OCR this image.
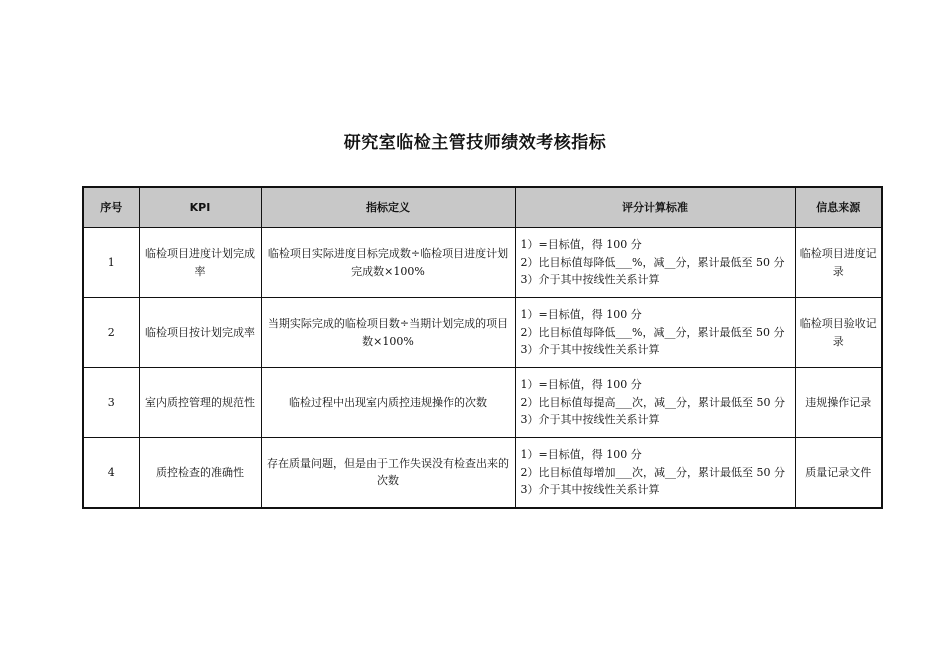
研究室临检主管技师绩效考核指标
序号	KPI	指标定义	评分计算标准	信息来源
1	临检项目进度计划完成率	临检项目实际进度目标完成数÷临检项目进度计划完成数×100%	1）=目标值，得 100 分
2）比目标值每降低___%，减__分，累计最低至 50 分
3）介于其中按线性关系计算	临检项目进度记录
2	临检项目按计划完成率	当期实际完成的临检项目数÷当期计划完成的项目数×100%	1）=目标值，得 100 分
2）比目标值每降低___%，减__分，累计最低至 50 分
3）介于其中按线性关系计算	临检项目验收记录
3	室内质控管理的规范性	临检过程中出现室内质控违规操作的次数	1）=目标值，得 100 分
2）比目标值每提高___次，减__分，累计最低至 50 分
3）介于其中按线性关系计算	违规操作记录
4	质控检查的准确性	存在质量问题，但是由于工作失误没有检查出来的次数	1）=目标值，得 100 分
2）比目标值每增加___次，减__分，累计最低至 50 分
3）介于其中按线性关系计算	质量记录文件
